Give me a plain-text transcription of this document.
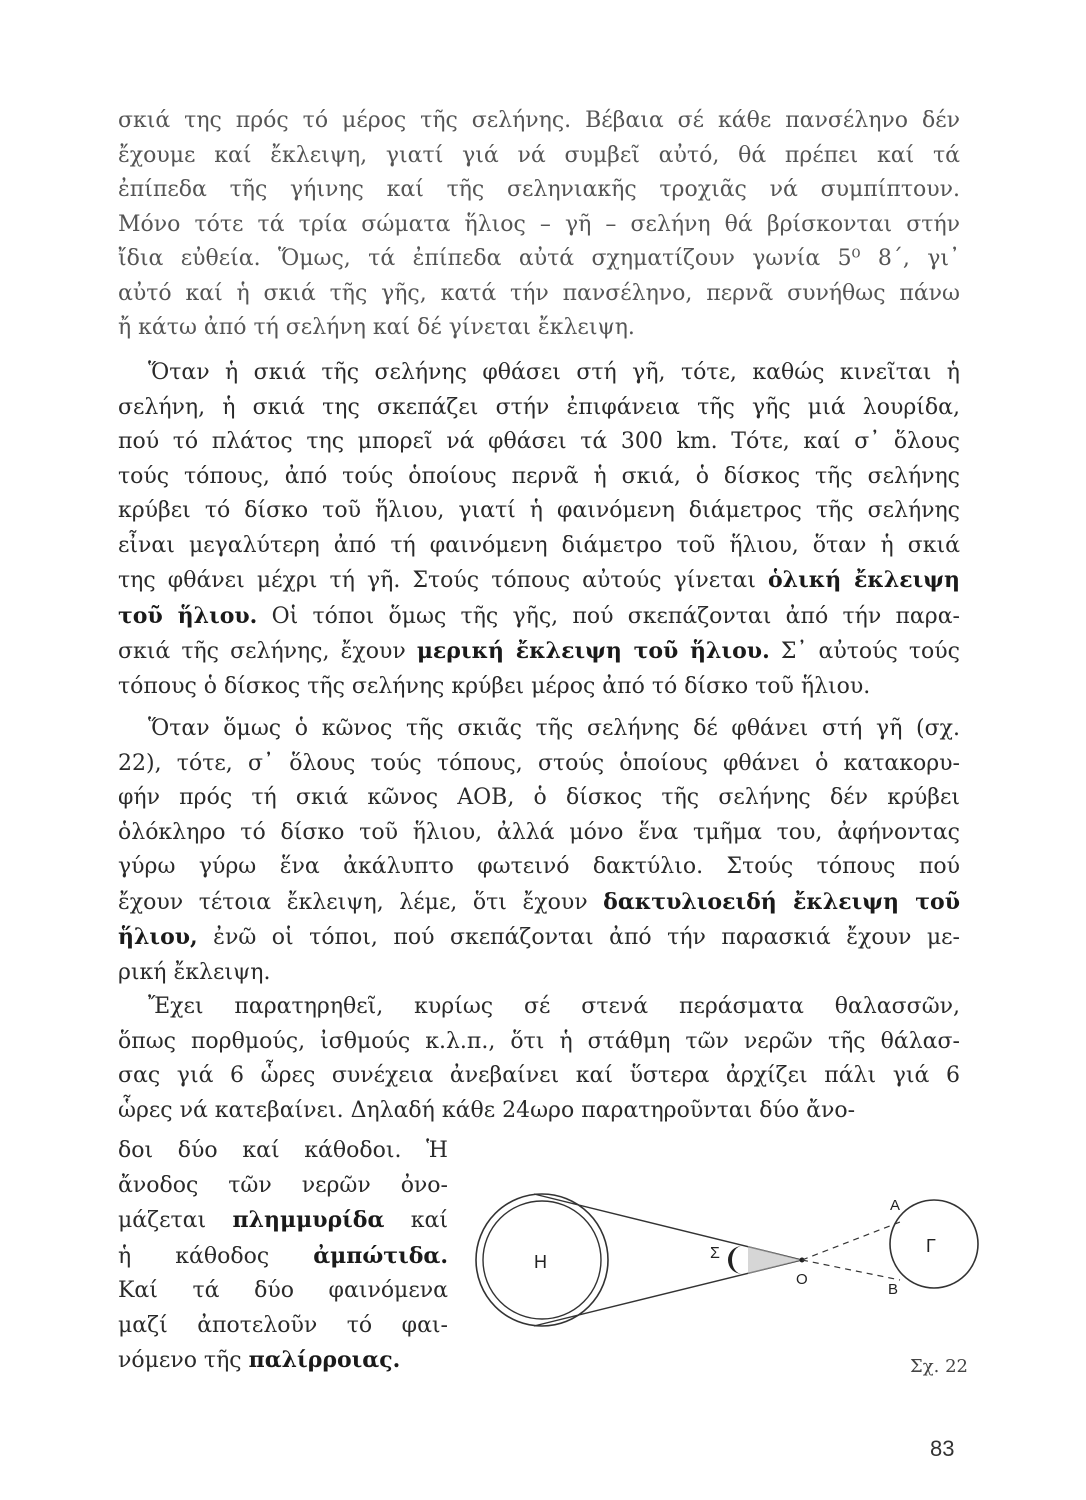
σκιά της πρός τό μέρος τῆς σελήνης. Βέβαια σέ κάθε πανσέληνο δέν
ἔχουμε καί ἔκλειψη, γιατί γιά νά συμβεῖ αὐτό, θά πρέπει καί τά
ἐπίπεδα τῆς γήινης καί τῆς σεληνιακῆς τροχιᾶς νά συμπίπτουν.
Μόνο τότε τά τρία σώματα ἥλιος – γῆ – σελήνη θά βρίσκονται στήν
ἴδια εὐθεία. Ὅμως, τά ἐπίπεδα αὐτά σχηματίζουν γωνία 5⁰ 8΄, γι᾽
αὐτό καί ἡ σκιά τῆς γῆς, κατά τήν πανσέληνο, περνᾶ συνήθως πάνω
ἤ κάτω ἀπό τή σελήνη καί δέ γίνεται ἔκλειψη.
Ὅταν ἡ σκιά τῆς σελήνης φθάσει στή γῆ, τότε, καθώς κινεῖται ἡ
σελήνη, ἡ σκιά της σκεπάζει στήν ἐπιφάνεια τῆς γῆς μιά λουρίδα,
πού τό πλάτος της μπορεῖ νά φθάσει τά 300 km. Τότε, καί σ᾽ ὅλους
τούς τόπους, ἀπό τούς ὁποίους περνᾶ ἡ σκιά, ὁ δίσκος τῆς σελήνης
κρύβει τό δίσκο τοῦ ἥλιου, γιατί ἡ φαινόμενη διάμετρος τῆς σελήνης
εἶναι μεγαλύτερη ἀπό τή φαινόμενη διάμετρο τοῦ ἥλιου, ὅταν ἡ σκιά
της φθάνει μέχρι τή γῆ. Στούς τόπους αὐτούς γίνεται ὁλική ἔκλειψη
τοῦ ἥλιου. Οἱ τόποι ὅμως τῆς γῆς, πού σκεπάζονται ἀπό τήν παρα-
σκιά τῆς σελήνης, ἔχουν μερική ἔκλειψη τοῦ ἥλιου. Σ᾽ αὐτούς τούς
τόπους ὁ δίσκος τῆς σελήνης κρύβει μέρος ἀπό τό δίσκο τοῦ ἥλιου.
Ὅταν ὅμως ὁ κῶνος τῆς σκιᾶς τῆς σελήνης δέ φθάνει στή γῆ (σχ.
22), τότε, σ᾽ ὅλους τούς τόπους, στούς ὁποίους φθάνει ὁ κατακορυ-
φήν πρός τή σκιά κῶνος ΑΟΒ, ὁ δίσκος τῆς σελήνης δέν κρύβει
ὁλόκληρο τό δίσκο τοῦ ἥλιου, ἀλλά μόνο ἕνα τμῆμα του, ἀφήνοντας
γύρω γύρω ἕνα ἀκάλυπτο φωτεινό δακτύλιο. Στούς τόπους πού
ἔχουν τέτοια ἔκλειψη, λέμε, ὅτι ἔχουν δακτυλιοειδή ἔκλειψη τοῦ
ἥλιου, ἐνῶ οἱ τόποι, πού σκεπάζονται ἀπό τήν παρασκιά ἔχουν με-
ρική ἔκλειψη.
Ἔχει παρατηρηθεῖ, κυρίως σέ στενά περάσματα θαλασσῶν,
ὅπως πορθμούς, ἰσθμούς κ.λ.π., ὅτι ἡ στάθμη τῶν νερῶν τῆς θάλασ-
σας γιά 6 ὧρες συνέχεια ἀνεβαίνει καί ὕστερα ἀρχίζει πάλι γιά 6
ὧρες νά κατεβαίνει. Δηλαδή κάθε 24ωρο παρατηροῦνται δύο ἄνο-
δοι δύο καί κάθοδοι. Ἡ
ἄνοδος τῶν νερῶν ὀνο-
μάζεται πλημμυρίδα καί
ἡ κάθοδος ἀμπώτιδα.
Καί τά δύο φαινόμενα
μαζί ἀποτελοῦν τό φαι-
νόμενο τῆς παλίρροιας.
Η	Σ
Ο
Α
Β
Γ
Σχ. 22
83
